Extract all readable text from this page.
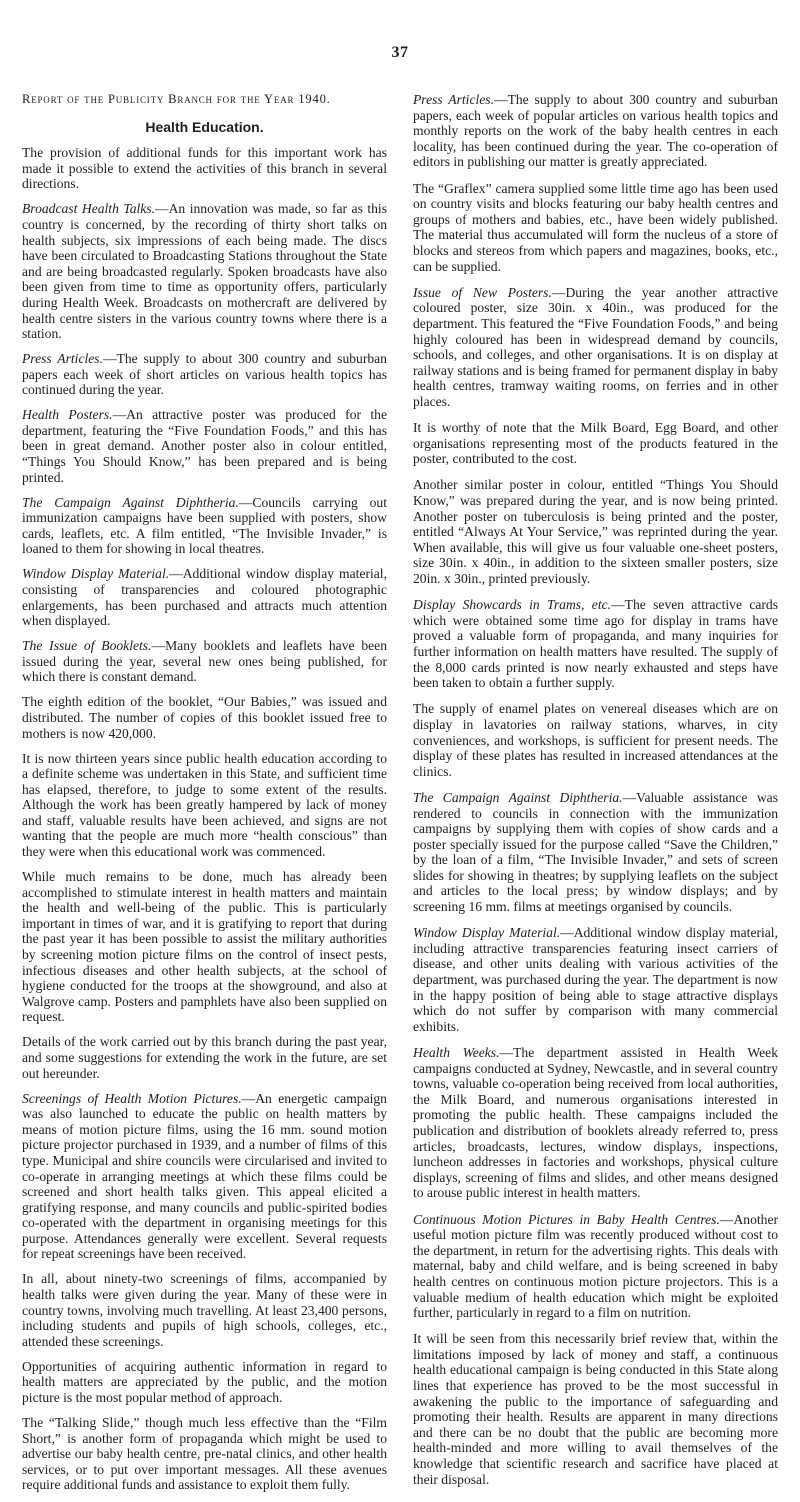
37
Report of the Publicity Branch for the Year 1940.
Health Education.

The provision of additional funds for this important work has made it possible to extend the activities of this branch in several directions.

Broadcast Health Talks.—An innovation was made, so far as this country is concerned, by the recording of thirty short talks on health subjects, six impressions of each being made. The discs have been circulated to Broadcasting Stations throughout the State and are being broadcasted regularly. Spoken broadcasts have also been given from time to time as opportunity offers, particularly during Health Week. Broadcasts on mothercraft are delivered by health centre sisters in the various country towns where there is a station.

Press Articles.—The supply to about 300 country and suburban papers each week of short articles on various health topics has continued during the year.

Health Posters.—An attractive poster was produced for the department, featuring the “Five Foundation Foods,” and this has been in great demand. Another poster also in colour entitled, “Things You Should Know,” has been prepared and is being printed.

The Campaign Against Diphtheria.—Councils carrying out immunization campaigns have been supplied with posters, show cards, leaflets, etc. A film entitled, “The Invisible Invader,” is loaned to them for showing in local theatres.

Window Display Material.—Additional window display material, consisting of transparencies and coloured photographic enlargements, has been purchased and attracts much attention when displayed.

The Issue of Booklets.—Many booklets and leaflets have been issued during the year, several new ones being published, for which there is constant demand.

The eighth edition of the booklet, “Our Babies,” was issued and distributed. The number of copies of this booklet issued free to mothers is now 420,000.

It is now thirteen years since public health education according to a definite scheme was undertaken in this State, and sufficient time has elapsed, therefore, to judge to some extent of the results. Although the work has been greatly hampered by lack of money and staff, valuable results have been achieved, and signs are not wanting that the people are much more “health conscious” than they were when this educational work was commenced.

While much remains to be done, much has already been accomplished to stimulate interest in health matters and maintain the health and well-being of the public. This is particularly important in times of war, and it is gratifying to report that during the past year it has been possible to assist the military authorities by screening motion picture films on the control of insect pests, infectious diseases and other health subjects, at the school of hygiene conducted for the troops at the showground, and also at Walgrove camp. Posters and pamphlets have also been supplied on request.

Details of the work carried out by this branch during the past year, and some suggestions for extending the work in the future, are set out hereunder.

Screenings of Health Motion Pictures.—An energetic campaign was also launched to educate the public on health matters by means of motion picture films, using the 16 mm. sound motion picture projector purchased in 1939, and a number of films of this type. Municipal and shire councils were circularised and invited to co-operate in arranging meetings at which these films could be screened and short health talks given. This appeal elicited a gratifying response, and many councils and public-spirited bodies co-operated with the department in organising meetings for this purpose. Attendances generally were excellent. Several requests for repeat screenings have been received.

In all, about ninety-two screenings of films, accompanied by health talks were given during the year. Many of these were in country towns, involving much travelling. At least 23,400 persons, including students and pupils of high schools, colleges, etc., attended these screenings.

Opportunities of acquiring authentic information in regard to health matters are appreciated by the public, and the motion picture is the most popular method of approach.

The “Talking Slide,” though much less effective than the “Film Short,” is another form of propaganda which might be used to advertise our baby health centre, pre-natal clinics, and other health services, or to put over important messages. All these avenues require additional funds and assistance to exploit them fully.

Press Articles.—The supply to about 300 country and suburban papers, each week of popular articles on various health topics and monthly reports on the work of the baby health centres in each locality, has been continued during the year. The co-operation of editors in publishing our matter is greatly appreciated.

The “Graflex” camera supplied some little time ago has been used on country visits and blocks featuring our baby health centres and groups of mothers and babies, etc., have been widely published. The material thus accumulated will form the nucleus of a store of blocks and stereos from which papers and magazines, books, etc., can be supplied.

Issue of New Posters.—During the year another attractive coloured poster, size 30in. x 40in., was produced for the department. This featured the “Five Foundation Foods,” and being highly coloured has been in widespread demand by councils, schools, and colleges, and other organisations. It is on display at railway stations and is being framed for permanent display in baby health centres, tramway waiting rooms, on ferries and in other places.

It is worthy of note that the Milk Board, Egg Board, and other organisations representing most of the products featured in the poster, contributed to the cost.

Another similar poster in colour, entitled “Things You Should Know,” was prepared during the year, and is now being printed. Another poster on tuberculosis is being printed and the poster, entitled “Always At Your Service,” was reprinted during the year. When available, this will give us four valuable one-sheet posters, size 30in. x 40in., in addition to the sixteen smaller posters, size 20in. x 30in., printed previously.

Display Showcards in Trams, etc.—The seven attractive cards which were obtained some time ago for display in trams have proved a valuable form of propaganda, and many inquiries for further information on health matters have resulted. The supply of the 8,000 cards printed is now nearly exhausted and steps have been taken to obtain a further supply.

The supply of enamel plates on venereal diseases which are on display in lavatories on railway stations, wharves, in city conveniences, and workshops, is sufficient for present needs. The display of these plates has resulted in increased attendances at the clinics.

The Campaign Against Diphtheria.—Valuable assistance was rendered to councils in connection with the immunization campaigns by supplying them with copies of show cards and a poster specially issued for the purpose called “Save the Children,” by the loan of a film, “The Invisible Invader,” and sets of screen slides for showing in theatres; by supplying leaflets on the subject and articles to the local press; by window displays; and by screening 16 mm. films at meetings organised by councils.

Window Display Material.—Additional window display material, including attractive transparencies featuring insect carriers of disease, and other units dealing with various activities of the department, was purchased during the year. The department is now in the happy position of being able to stage attractive displays which do not suffer by comparison with many commercial exhibits.

Health Weeks.—The department assisted in Health Week campaigns conducted at Sydney, Newcastle, and in several country towns, valuable co-operation being received from local authorities, the Milk Board, and numerous organisations interested in promoting the public health. These campaigns included the publication and distribution of booklets already referred to, press articles, broadcasts, lectures, window displays, inspections, luncheon addresses in factories and workshops, physical culture displays, screening of films and slides, and other means designed to arouse public interest in health matters.

Continuous Motion Pictures in Baby Health Centres.—Another useful motion picture film was recently produced without cost to the department, in return for the advertising rights. This deals with maternal, baby and child welfare, and is being screened in baby health centres on continuous motion picture projectors. This is a valuable medium of health education which might be exploited further, particularly in regard to a film on nutrition.

It will be seen from this necessarily brief review that, within the limitations imposed by lack of money and staff, a continuous health educational campaign is being conducted in this State along lines that experience has proved to be the most successful in awakening the public to the importance of safeguarding and promoting their health. Results are apparent in many directions and there can be no doubt that the public are becoming more health-minded and more willing to avail themselves of the knowledge that scientific research and sacrifice have placed at their disposal.
